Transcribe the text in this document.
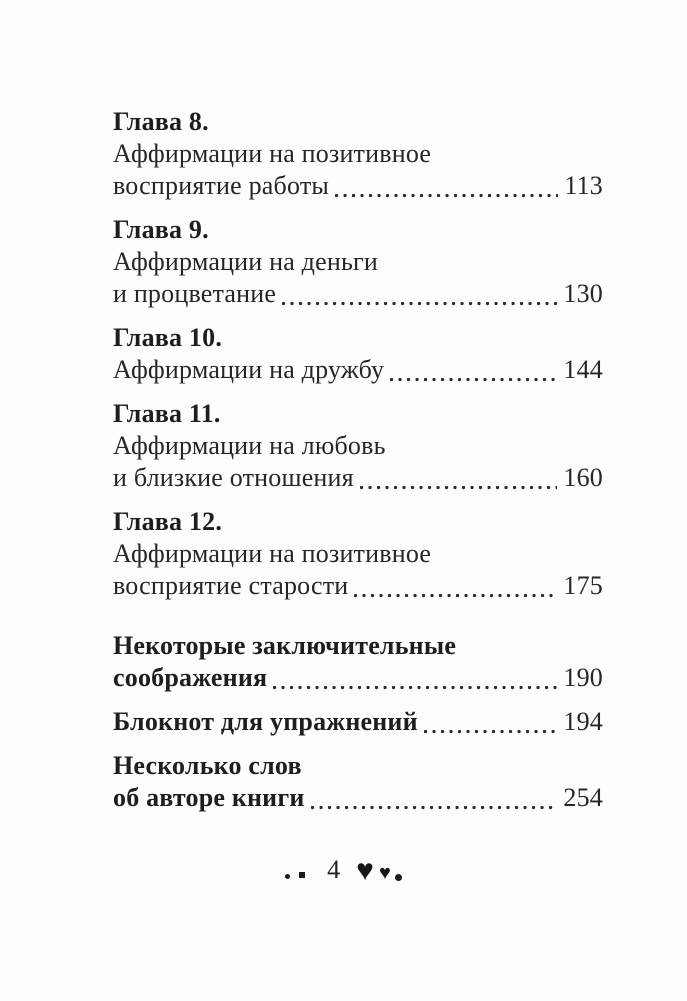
Глава 8.
Аффирмации на позитивное
восприятие работы	113
Глава 9.
Аффирмации на деньги
и процветание	130
Глава 10.
Аффирмации на дружбу	144
Глава 11.
Аффирмации на любовь
и близкие отношения	160
Глава 12.
Аффирмации на позитивное
восприятие старости	175
Некоторые заключительные
соображения	190
Блокнот для упражнений	194
Несколько слов
об авторе книги	254
4 ♥ ♥
